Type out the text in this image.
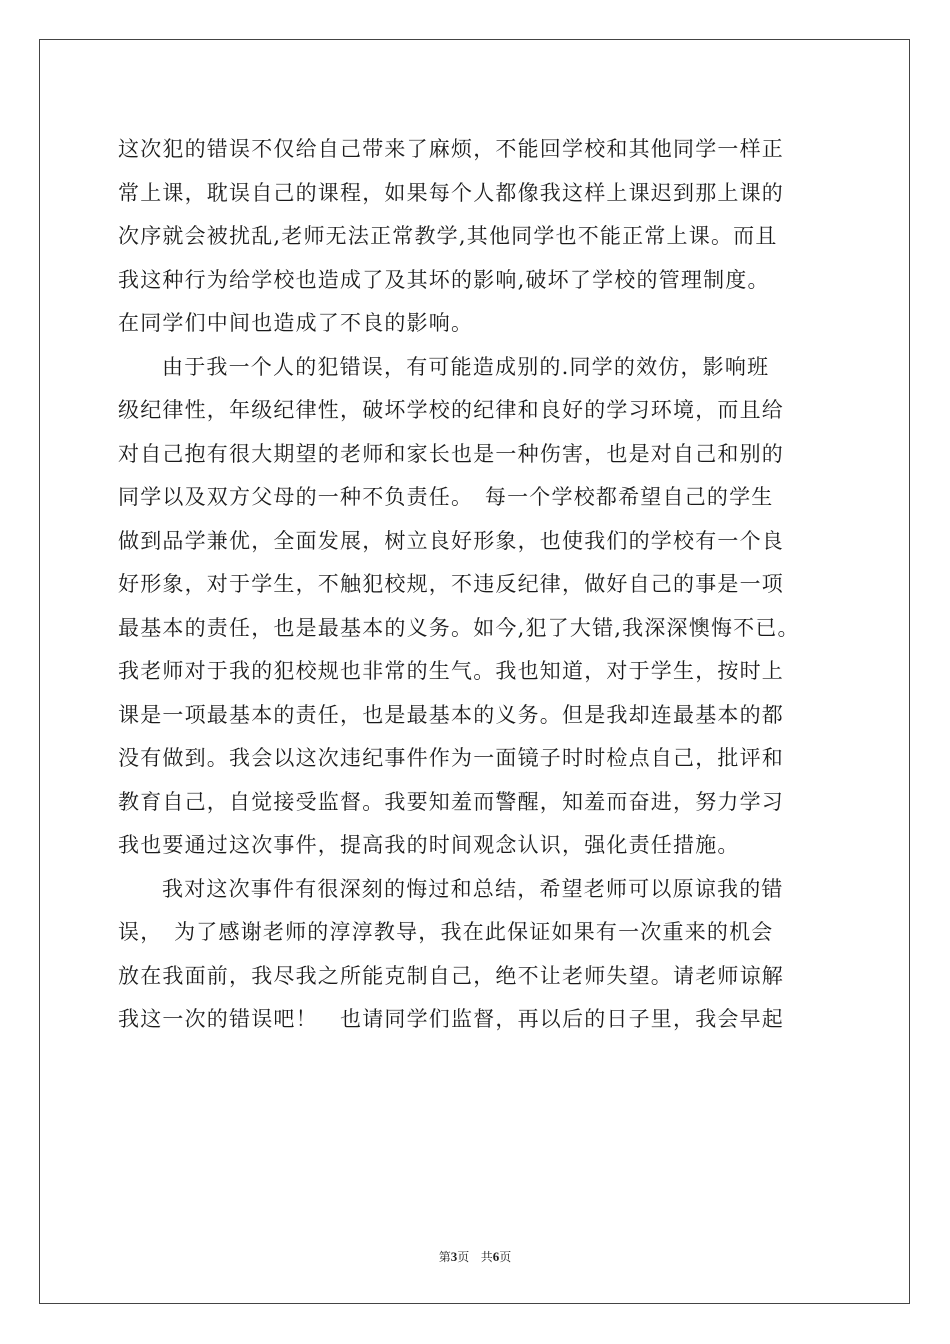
这次犯的错误不仅给自己带来了麻烦，不能回学校和其他同学一样正
常上课，耽误自己的课程，如果每个人都像我这样上课迟到那上课的
次序就会被扰乱,老师无法正常教学,其他同学也不能正常上课。而且
我这种行为给学校也造成了及其坏的影响,破坏了学校的管理制度。
在同学们中间也造成了不良的影响。
由于我一个人的犯错误，有可能造成别的.同学的效仿，影响班
级纪律性，年级纪律性，破坏学校的纪律和良好的学习环境，而且给
对自己抱有很大期望的老师和家长也是一种伤害，也是对自己和别的
同学以及双方父母的一种不负责任。　每一个学校都希望自己的学生
做到品学兼优，全面发展，树立良好形象，也使我们的学校有一个良
好形象，对于学生，不触犯校规，不违反纪律，做好自己的事是一项
最基本的责任，也是最基本的义务。如今,犯了大错,我深深懊悔不已。
我老师对于我的犯校规也非常的生气。我也知道，对于学生，按时上
课是一项最基本的责任，也是最基本的义务。但是我却连最基本的都
没有做到。我会以这次违纪事件作为一面镜子时时检点自己，批评和
教育自己，自觉接受监督。我要知羞而警醒，知羞而奋进，努力学习
我也要通过这次事件，提高我的时间观念认识，强化责任措施。
我对这次事件有很深刻的悔过和总结，希望老师可以原谅我的错
误，　为了感谢老师的淳淳教导，我在此保证如果有一次重来的机会
放在我面前，我尽我之所能克制自己，绝不让老师失望。请老师谅解
我这一次的错误吧！　也请同学们监督，再以后的日子里，我会早起
第3页 共6页
